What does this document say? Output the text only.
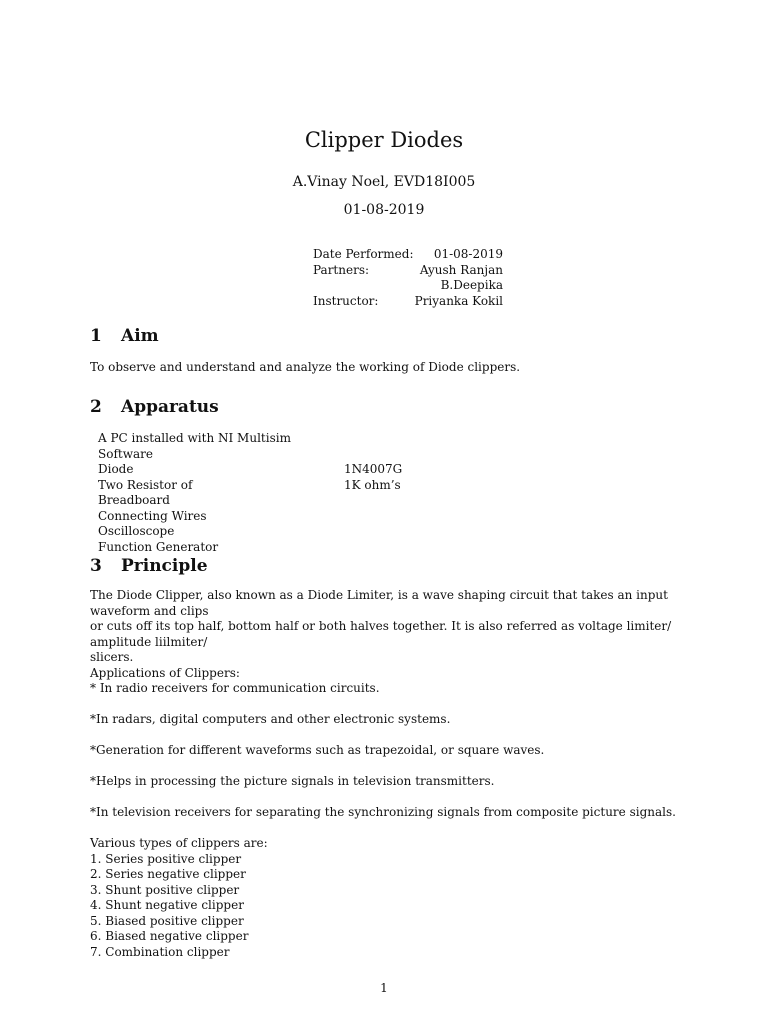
Clipper Diodes
A.Vinay Noel, EVD18I005
01-08-2019
Date Performed: 01-08-2019
Partners:	Ayush Ranjan
B.Deepika
Instructor:	Priyanka Kokil
1 Aim
To observe and understand and analyze the working of Diode clippers.
2 Apparatus
A PC installed with NI Multisim Software
Diode	1N4007G
Two Resistor of	1K ohm’s
Breadboard
Connecting Wires
Oscilloscope
Function Generator
3 Principle

The Diode Clipper, also known as a Diode Limiter, is a wave shaping circuit that takes an input waveform and clips

or cuts off its top half, bottom half or both halves together. It is also referred as voltage limiter/ amplitude liilmiter/

slicers.

Applications of Clippers:

* In radio receivers for communication circuits.

*In radars, digital computers and other electronic systems.

*Generation for different waveforms such as trapezoidal, or square waves.

*Helps in processing the picture signals in television transmitters.

*In television receivers for separating the synchronizing signals from composite picture signals.

Various types of clippers are:

1. Series positive clipper

2. Series negative clipper

3. Shunt positive clipper

4. Shunt negative clipper

5. Biased positive clipper

6. Biased negative clipper

7. Combination clipper

1
